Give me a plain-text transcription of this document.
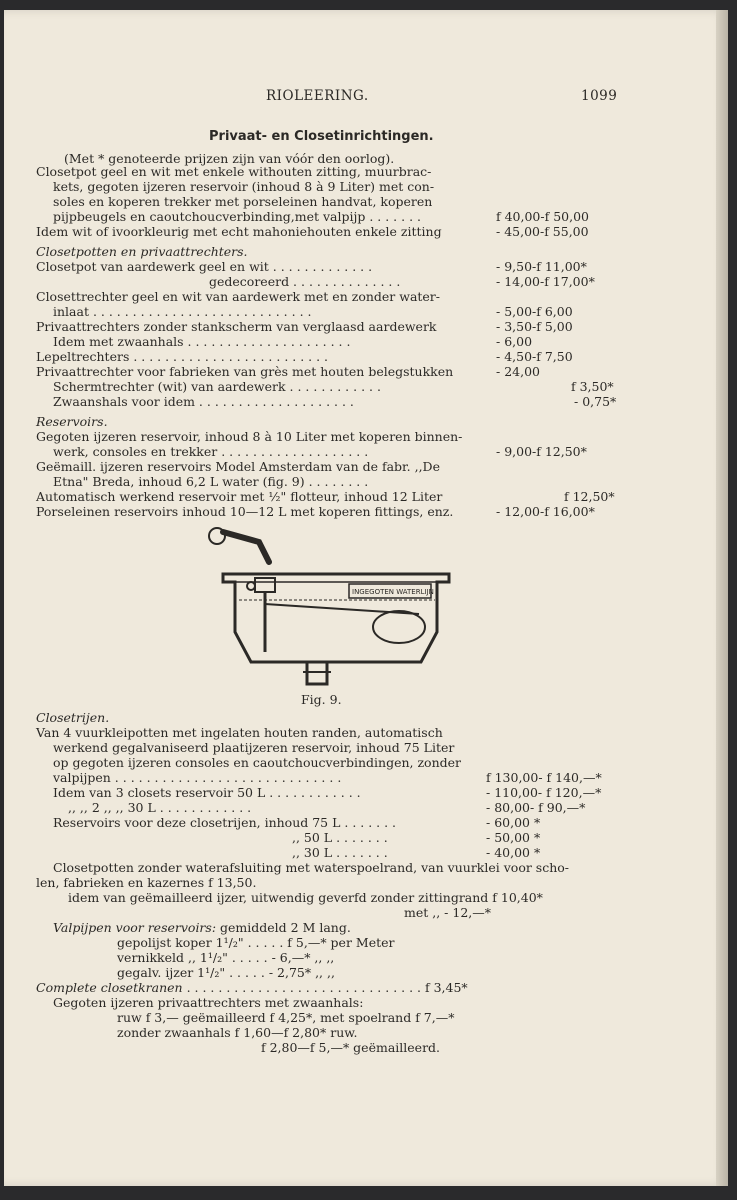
RIOLEERING.	1099
Privaat- en Closetinrichtingen.
(Met * genoteerde prijzen zijn van vóór den oorlog).
Closetpot geel en wit met enkele withouten zitting, muurbrac-
kets, gegoten ijzeren reservoir (inhoud 8 à 9 Liter) met con-
soles en koperen trekker met porseleinen handvat, koperen
pijpbeugels en caoutchoucverbinding,met valpijp . . . . . . .
Idem wit of ivoorkleurig met echt mahoniehouten enkele zitting
Closetpotten en privaattrechters.
Closetpot van aardewerk geel en wit . . . . . . . . . . . . .
gedecoreerd . . . . . . . . . . . . . .
Closettrechter geel en wit van aardewerk met en zonder water-
inlaat . . . . . . . . . . . . . . . . . . . . . . . . . . . .
Privaattrechters zonder stankscherm van verglaasd aardewerk
Idem met zwaanhals . . . . . . . . . . . . . . . . . . . . .
Lepeltrechters . . . . . . . . . . . . . . . . . . . . . . . . .
Privaattrechter voor fabrieken van grès met houten belegstukken
Schermtrechter (wit) van aardewerk . . . . . . . . . . . .
Zwaanshals voor idem . . . . . . . . . . . . . . . . . . . .
Reservoirs.
Gegoten ijzeren reservoir, inhoud 8 à 10 Liter met koperen binnen-
werk, consoles en trekker . . . . . . . . . . . . . . . . . . .
Geëmaill. ijzeren reservoirs Model Amsterdam van de fabr. ,,De
Etna" Breda, inhoud 6,2 L water (fig. 9) . . . . . . . .
Automatisch werkend reservoir met ½" flotteur, inhoud 12 Liter
Porseleinen reservoirs inhoud 10—12 L met koperen fittings, enz.
Fig. 9.
Closetrijen.
Van 4 vuurkleipotten met ingelaten houten randen, automatisch
werkend gegalvaniseerd plaatijzeren reservoir, inhoud 75 Liter
op gegoten ijzeren consoles en caoutchoucverbindingen, zonder
valpijpen . . . . . . . . . . . . . . . . . . . . . . . . . . . . .
Idem van 3 closets reservoir 50 L . . . . . . . . . . . .
,, ,, 2 ,, ,, 30 L . . . . . . . . . . . .
Reservoirs voor deze closetrijen, inhoud 75 L . . . . . . .
,, 50 L . . . . . . .
,, 30 L . . . . . . .
Closetpotten zonder waterafsluiting met waterspoelrand, van vuurklei voor scho-
len, fabrieken en kazernes f 13,50.
idem van geëmailleerd ijzer, uitwendig geverfd zonder zittingrand f 10,40*
met ,, - 12,—*
Valpijpen voor reservoirs: gemiddeld 2 M lang.
gepolijst koper 1¹/₂" . . . . . f 5,—* per Meter
vernikkeld ,, 1¹/₂" . . . . . - 6,—* ,, ,,
gegalv. ijzer 1¹/₂" . . . . . - 2,75* ,, ,,
Complete closetkranen . . . . . . . . . . . . . . . . . . . . . . . . . . . . . . f 3,45*
Gegoten ijzeren privaattrechters met zwaanhals:
ruw f 3,— geëmailleerd f 4,25*, met spoelrand f 7,—*
zonder zwaanhals f 1,60—f 2,80* ruw.
f 2,80—f 5,—* geëmailleerd.
f 40,00-f 50,00
- 45,00-f 55,00
- 9,50-f 11,00*
- 14,00-f 17,00*
- 5,00-f 6,00
- 3,50-f 5,00
- 6,00
- 4,50-f 7,50
- 24,00
f 3,50*
- 0,75*
- 9,00-f 12,50*
f 12,50*
- 12,00-f 16,00*
f 130,00- f 140,—*
- 110,00- f 120,—*
- 80,00- f 90,—*
- 60,00 *
- 50,00 *
- 40,00 *
INGEGOTEN WATERLIJN
